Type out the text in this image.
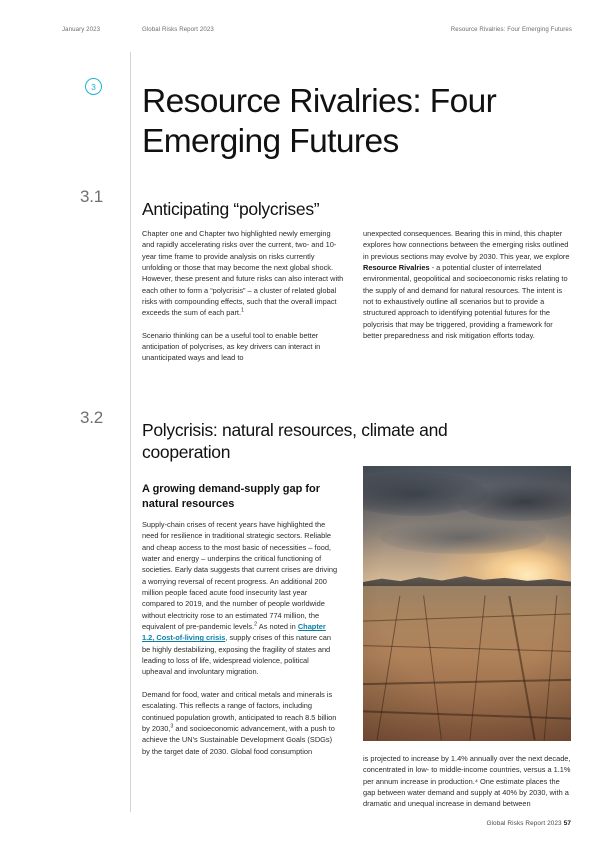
January 2023	Global Risks Report 2023	Resource Rivalries: Four Emerging Futures
3 Resource Rivalries: Four Emerging Futures
3.1
Anticipating “polycrises”

Chapter one and Chapter two highlighted newly emerging and rapidly accelerating risks over the current, two- and 10-year time frame to provide analysis on risks currently unfolding or those that may become the next global shock. However, these present and future risks can also interact with each other to form a “polycrisis” – a cluster of related global risks with compounding effects, such that the overall impact exceeds the sum of each part.$^1$

Scenario thinking can be a useful tool to enable better anticipation of polycrises, as key drivers can interact in unanticipated ways and lead to

unexpected consequences. Bearing this in mind, this chapter explores how connections between the emerging risks outlined in previous sections may evolve by 2030. This year, we explore Resource Rivalries - a potential cluster of interrelated environmental, geopolitical and socioeconomic risks relating to the supply of and demand for natural resources. The intent is not to exhaustively outline all scenarios but to provide a structured approach to identifying potential futures for the polycrisis that may be triggered, providing a framework for better preparedness and risk mitigation efforts today.

3.2
Polycrisis: natural resources, climate and cooperation
A growing demand-supply gap for natural resources

Supply-chain crises of recent years have highlighted the need for resilience in traditional strategic sectors. Reliable and cheap access to the most basic of necessities – food, water and energy – underpins the critical functioning of societies. Early data suggests that current crises are driving a worrying reversal of recent progress. An additional 200 million people faced acute food insecurity last year compared to 2019, and the number of people worldwide without electricity rose to an estimated 774 million, the equivalent of pre-pandemic levels.$^2$ As noted in Chapter 1.2, Cost-of-living crisis, supply crises of this nature can be highly destabilizing, exposing the fragility of states and leading to loss of life, widespread violence, political upheaval and involuntary migration.

Demand for food, water and critical metals and minerals is escalating. This reflects a range of factors, including continued population growth, anticipated to reach 8.5 billion by 2030,$^3$ and socioeconomic advancement, with a push to achieve the UN’s Sustainable Development Goals (SDGs) by the target date of 2030. Global food consumption

is projected to increase by 1.4% annually over the next decade, concentrated in low- to middle-income countries, versus a 1.1% per annum increase in production.⁴ One estimate places the gap between water demand and supply at 40% by 2030, with a dramatic and unequal increase in demand between

Global Risks Report 2023 57
